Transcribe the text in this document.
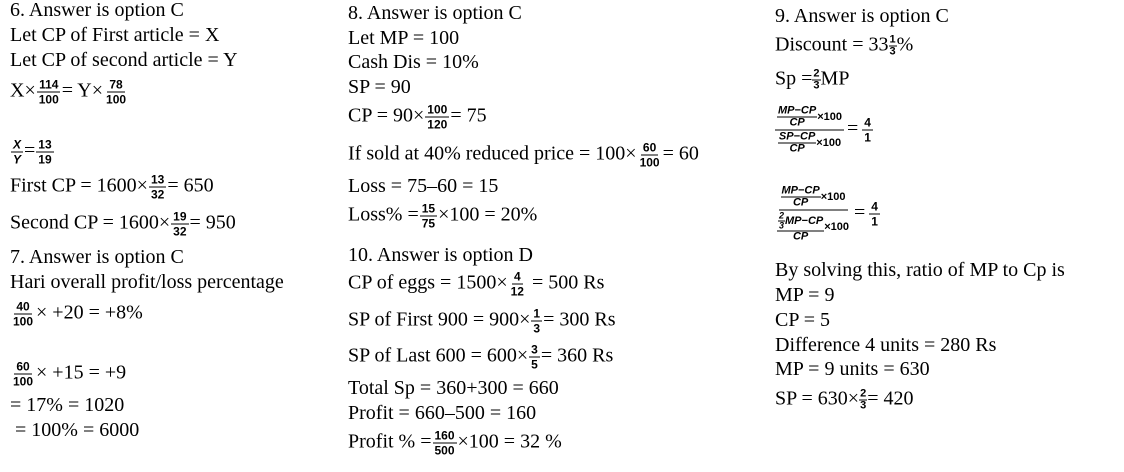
6. Answer is option C
Let CP of First article = X
Let CP of second article = Y
$X\times \frac{114}{100} = Y\times \frac{78}{100}$
$\frac{X}{Y} = \frac{13}{19}$
First CP = $1600\times \frac{13}{32} = 650$
Second CP = $1600\times \frac{19}{32} = 950$
7. Answer is option C
Hari overall profit/loss percentage
$\frac{40}{100} \times +20 = +8\%$
$\frac{60}{100} \times +15 = +9$
= 17% = 1020
= 100% = 6000
8. Answer is option C
Let MP = 100
Cash Dis = 10%
SP = 90
CP = $90\times \frac{100}{120} = 75$
If sold at 40% reduced price = $100\times \frac{60}{100} = 60$
Loss = 75–60 = 15
Loss% = $\frac{15}{75} \times 100 = 20\%$
10. Answer is option D
CP of eggs = $1500\times \frac{4}{12} = 500$ Rs
SP of First $900 = 900\times \frac{1}{3} = 300$ Rs
SP of Last $600 = 600\times \frac{3}{5} = 360$ Rs
Total Sp = 360+300 = 660
Profit = 660–500 = 160
Profit % = $\frac{160}{500} \times 100 = 32$ %
9. Answer is option C
Discount = $33 \frac{1}{3}$ %
$Sp = \frac{2}{3}$ MP
$\frac{MP-CP}{CP} \times 100$
$\frac{SP-CP}{CP} \times 100$
= $\frac{4}{1}$
$\frac{MP-CP}{CP} \times 100$
$\frac{\frac{2}{3} MP-CP}{CP} \times 100$
= $\frac{4}{1}$
By solving this, ratio of MP to Cp is
MP = 9
CP = 5
Difference 4 units = 280 Rs
MP = 9 units = 630
SP = $630\times \frac{2}{3} = 420$
